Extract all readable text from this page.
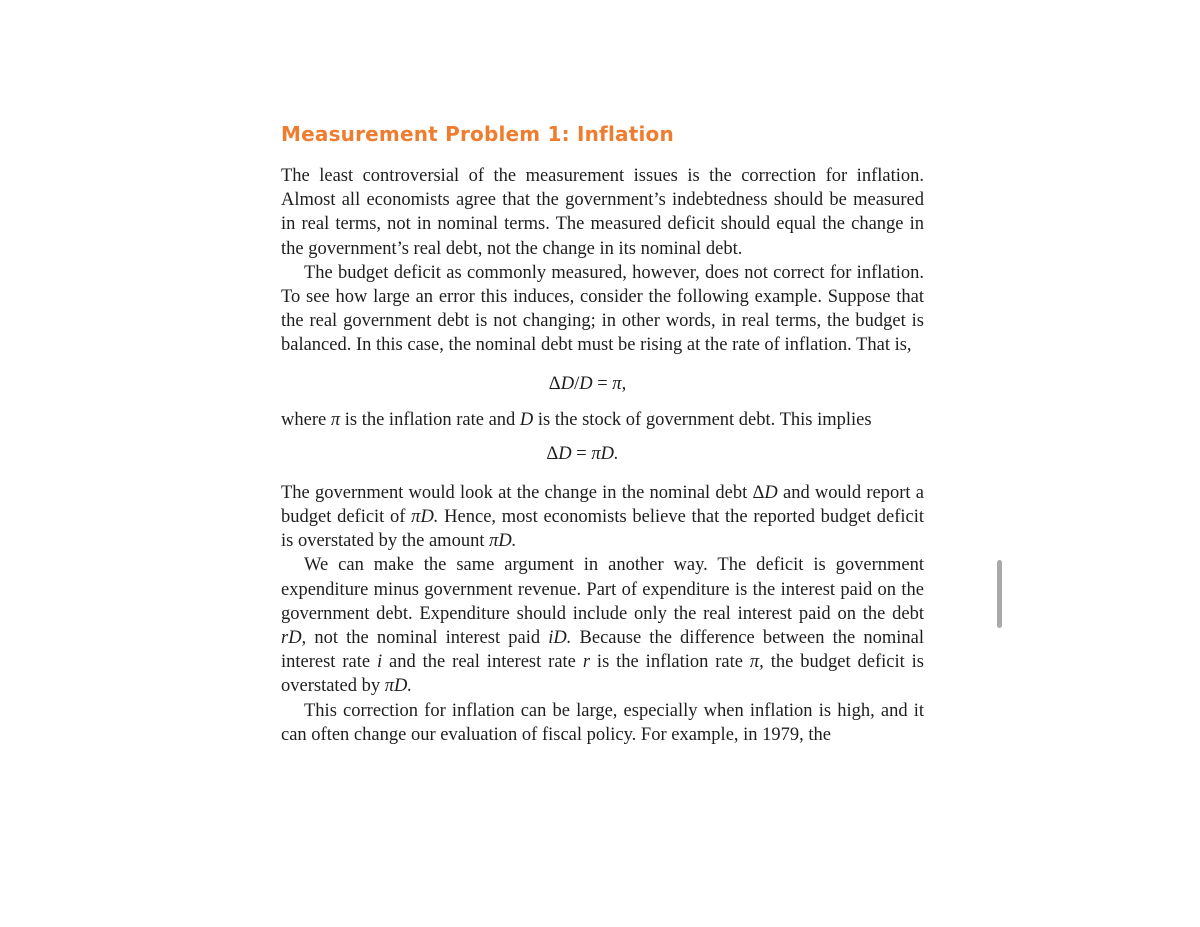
Measurement Problem 1: Inflation

The least controversial of the measurement issues is the correction for inflation. Almost all economists agree that the government’s indebtedness should be measured in real terms, not in nominal terms. The measured deficit should equal the change in the government’s real debt, not the change in its nominal debt.

The budget deficit as commonly measured, however, does not correct for inflation. To see how large an error this induces, consider the following example. Suppose that the real government debt is not changing; in other words, in real terms, the budget is balanced. In this case, the nominal debt must be rising at the rate of inflation. That is,

ΔD/D = π,

where π is the inflation rate and D is the stock of government debt. This implies

ΔD = πD.

The government would look at the change in the nominal debt ΔD and would report a budget deficit of πD. Hence, most economists believe that the reported budget deficit is overstated by the amount πD.

We can make the same argument in another way. The deficit is government expenditure minus government revenue. Part of expenditure is the interest paid on the government debt. Expenditure should include only the real interest paid on the debt rD, not the nominal interest paid iD. Because the difference between the nominal interest rate i and the real interest rate r is the inflation rate π, the budget deficit is overstated by πD.

This correction for inflation can be large, especially when inflation is high, and it can often change our evaluation of fiscal policy. For example, in 1979, the
